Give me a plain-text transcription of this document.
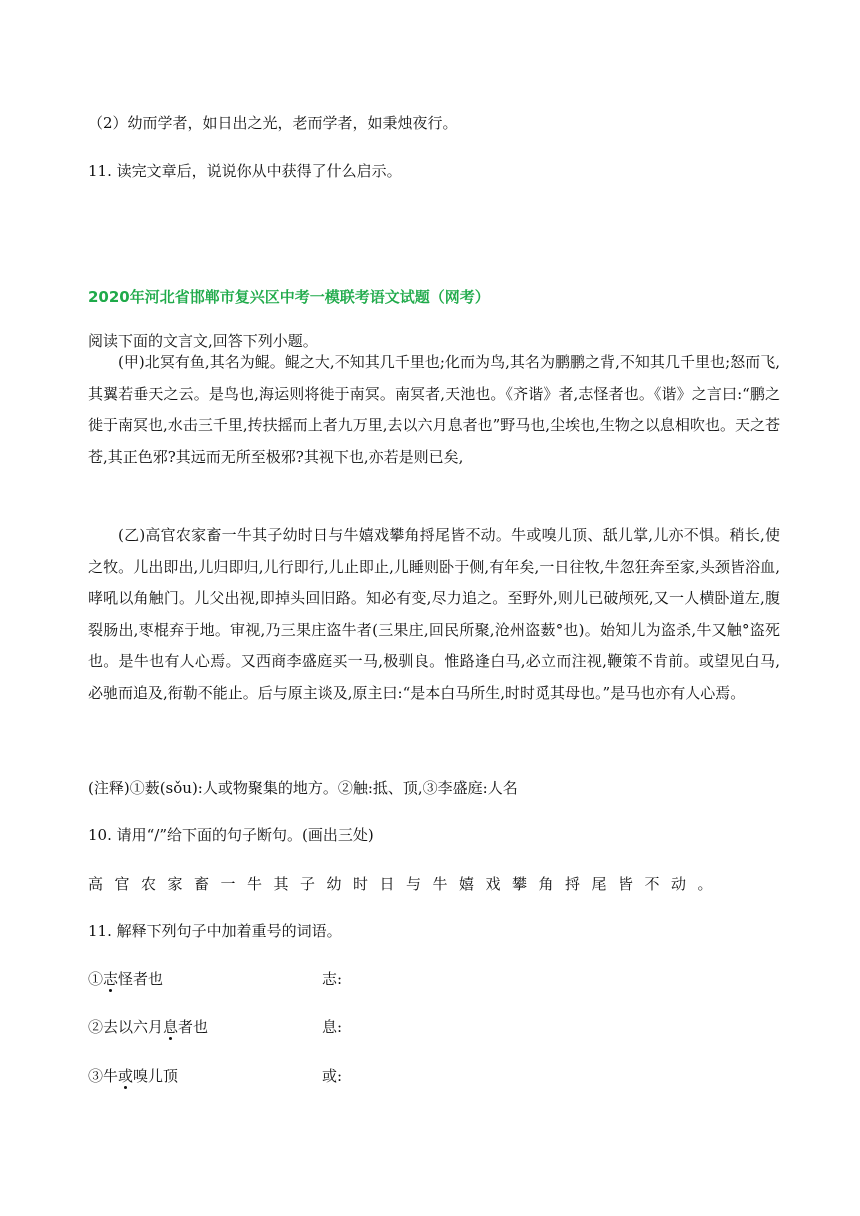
（2）幼而学者，如日出之光，老而学者，如秉烛夜行。
11. 读完文章后，说说你从中获得了什么启示。
2020年河北省邯郸市复兴区中考一模联考语文试题（网考）
阅读下面的文言文,回答下列小题。
(甲)北冥有鱼,其名为鲲。鲲之大,不知其几千里也;化而为鸟,其名为鹏鹏之背,不知其几千里也;怒而飞,其翼若垂天之云。是鸟也,海运则将徙于南冥。南冥者,天池也。《齐谐》者,志怪者也。《谐》之言曰:“鹏之徙于南冥也,水击三千里,抟扶摇而上者九万里,去以六月息者也”野马也,尘埃也,生物之以息相吹也。天之苍苍,其正色邪?其远而无所至极邪?其视下也,亦若是则已矣,
(乙)高官农家畜一牛其子幼时日与牛嬉戏攀角捋尾皆不动。牛或嗅儿顶、舐儿掌,儿亦不惧。稍长,使之牧。儿出即出,儿归即归,儿行即行,儿止即止,儿睡则卧于侧,有年矣,一日往牧,牛忽狂奔至家,头颈皆浴血,哮吼以角触门。儿父出视,即掉头回旧路。知必有变,尽力追之。至野外,则儿已破颅死,又一人横卧道左,腹裂肠出,枣棍弃于地。审视,乃三果庄盗牛者(三果庄,回民所聚,沧州盗薮°也)。始知儿为盗杀,牛又触°盗死也。是牛也有人心焉。又西商李盛庭买一马,极驯良。惟路逢白马,必立而注视,鞭策不肯前。或望见白马,必驰而追及,衔勒不能止。后与原主谈及,原主曰:“是本白马所生,时时觅其母也。”是马也亦有人心焉。
(注释)①薮(sǒu):人或物聚集的地方。②触:抵、顶,③李盛庭:人名
10. 请用“/”给下面的句子断句。(画出三处)
高官农家畜一牛其子幼时日与牛嬉戏攀角捋尾皆不动。
11. 解释下列句子中加着重号的词语。
①志怪者也	志:
②去以六月息者也	息:
③牛或嗅儿顶	或:
